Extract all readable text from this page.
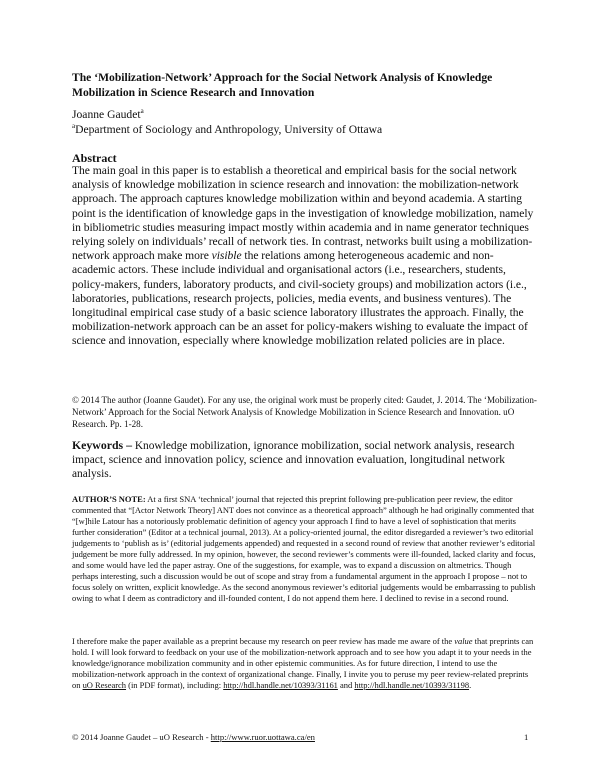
The ‘Mobilization-Network’ Approach for the Social Network Analysis of Knowledge Mobilization in Science Research and Innovation
Joanne Gaudet$^a$
$^a$Department of Sociology and Anthropology, University of Ottawa
Abstract
The main goal in this paper is to establish a theoretical and empirical basis for the social network analysis of knowledge mobilization in science research and innovation: the mobilization-network approach. The approach captures knowledge mobilization within and beyond academia. A starting point is the identification of knowledge gaps in the investigation of knowledge mobilization, namely in bibliometric studies measuring impact mostly within academia and in name generator techniques relying solely on individuals’ recall of network ties. In contrast, networks built using a mobilization-network approach make more visible the relations among heterogeneous academic and non-academic actors. These include individual and organisational actors (i.e., researchers, students, policy-makers, funders, laboratory products, and civil-society groups) and mobilization actors (i.e., laboratories, publications, research projects, policies, media events, and business ventures). The longitudinal empirical case study of a basic science laboratory illustrates the approach. Finally, the mobilization-network approach can be an asset for policy-makers wishing to evaluate the impact of science and innovation, especially where knowledge mobilization related policies are in place.
© 2014 The author (Joanne Gaudet). For any use, the original work must be properly cited: Gaudet, J. 2014. The ‘Mobilization-Network’ Approach for the Social Network Analysis of Knowledge Mobilization in Science Research and Innovation. uO Research. Pp. 1-28.
Keywords – Knowledge mobilization, ignorance mobilization, social network analysis, research impact, science and innovation policy, science and innovation evaluation, longitudinal network analysis.
AUTHOR’S NOTE: At a first SNA ‘technical’ journal that rejected this preprint following pre-publication peer review, the editor commented that “[Actor Network Theory] ANT does not convince as a theoretical approach” although he had originally commented that “[w]hile Latour has a notoriously problematic definition of agency your approach I find to have a level of sophistication that merits further consideration” (Editor at a technical journal, 2013). At a policy-oriented journal, the editor disregarded a reviewer’s two editorial judgements to ‘publish as is’ (editorial judgements appended) and requested in a second round of review that another reviewer’s editorial judgement be more fully addressed. In my opinion, however, the second reviewer’s comments were ill-founded, lacked clarity and focus, and some would have led the paper astray. One of the suggestions, for example, was to expand a discussion on altmetrics. Though perhaps interesting, such a discussion would be out of scope and stray from a fundamental argument in the approach I propose – not to focus solely on written, explicit knowledge. As the second anonymous reviewer’s editorial judgements would be embarrassing to publish owing to what I deem as contradictory and ill-founded content, I do not append them here. I declined to revise in a second round.
I therefore make the paper available as a preprint because my research on peer review has made me aware of the value that preprints can hold. I will look forward to feedback on your use of the mobilization-network approach and to see how you adapt it to your needs in the knowledge/ignorance mobilization community and in other epistemic communities. As for future direction, I intend to use the mobilization-network approach in the context of organizational change. Finally, I invite you to peruse my peer review-related preprints on uO Research (in PDF format), including: http://hdl.handle.net/10393/31161 and http://hdl.handle.net/10393/31198.
© 2014 Joanne Gaudet – uO Research - http://www.ruor.uottawa.ca/en	1
